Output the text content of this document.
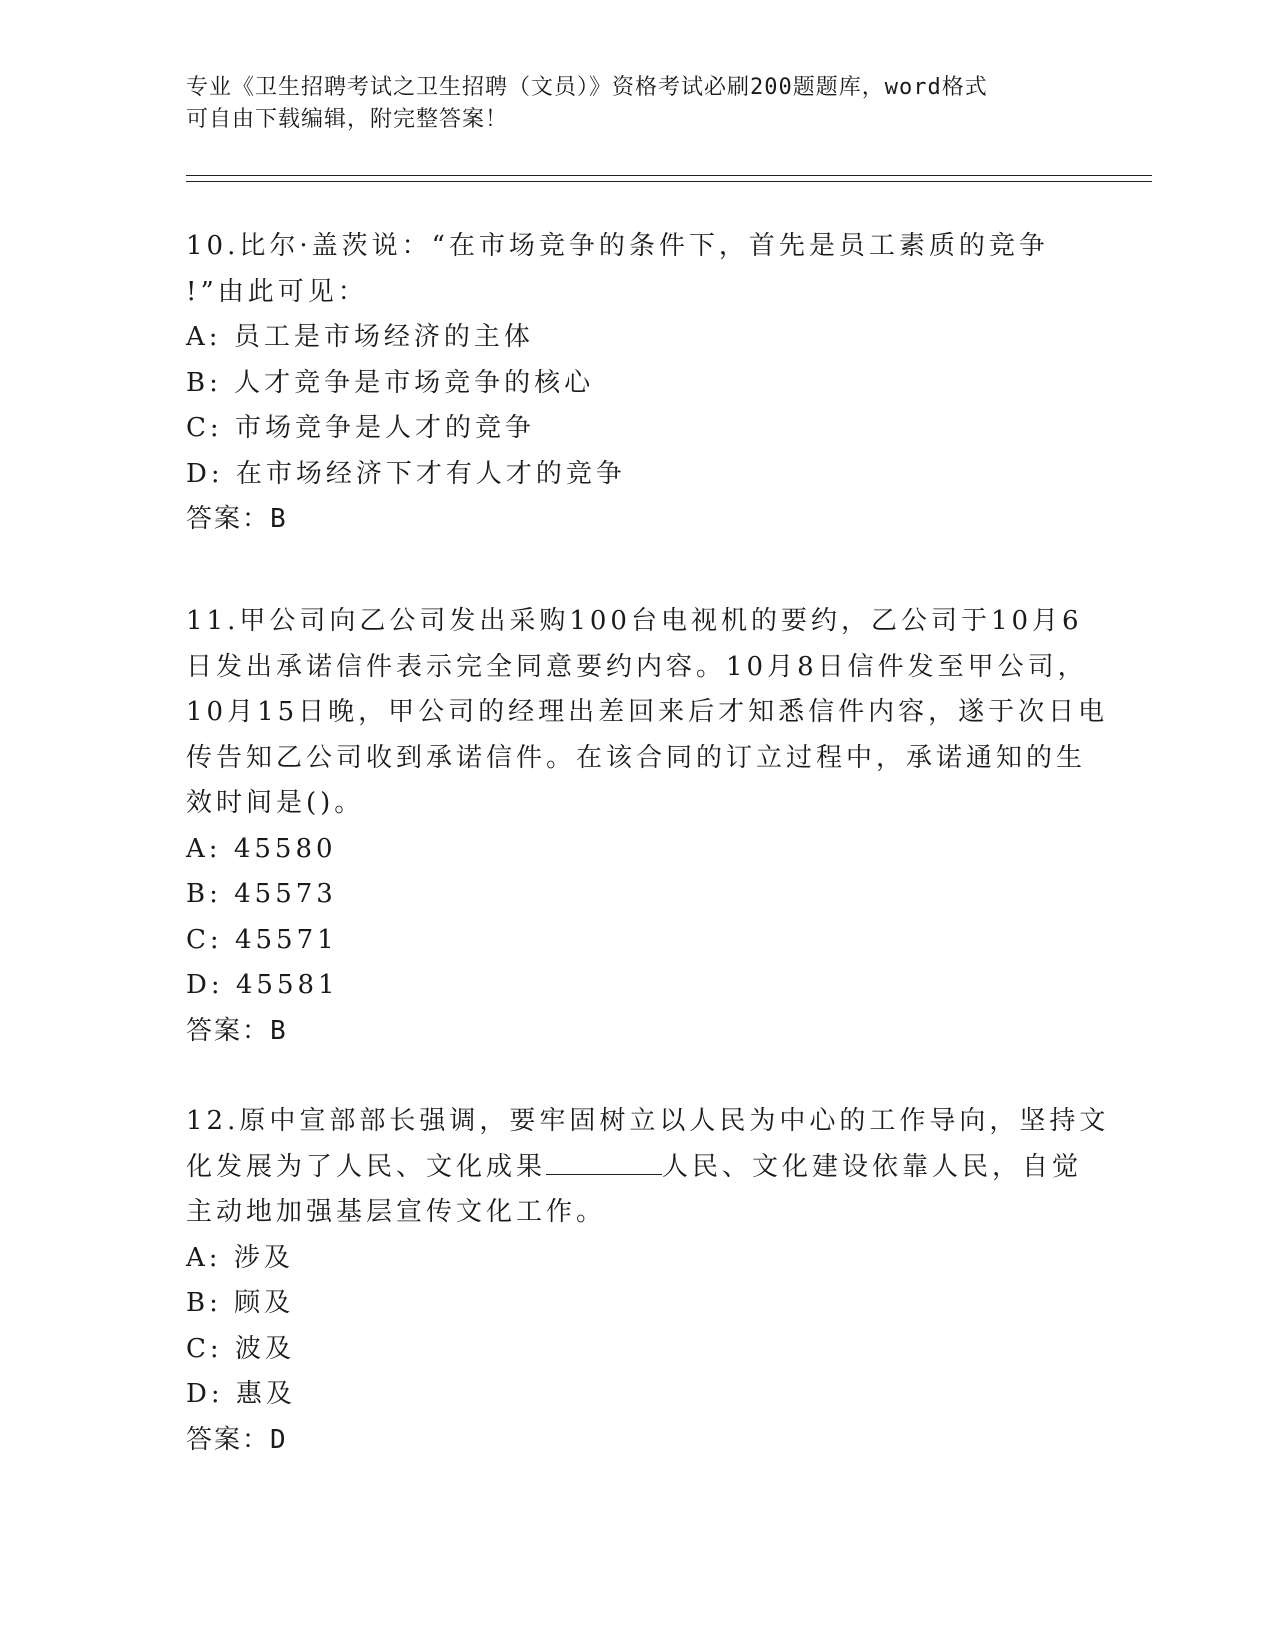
专业《卫生招聘考试之卫生招聘（文员）》资格考试必刷200题题库，word格式
可自由下载编辑，附完整答案！

10.比尔·盖茨说：“在市场竞争的条件下，首先是员工素质的竞争
!”由此可见：

A: 员工是市场经济的主体
B: 人才竞争是市场竞争的核心
C: 市场竞争是人才的竞争
D: 在市场经济下才有人才的竞争
答案：B

11.甲公司向乙公司发出采购100台电视机的要约，乙公司于10月6
日发出承诺信件表示完全同意要约内容。10月8日信件发至甲公司，
10月15日晚，甲公司的经理出差回来后才知悉信件内容，遂于次日电
传告知乙公司收到承诺信件。在该合同的订立过程中，承诺通知的生
效时间是()。

A: 45580
B: 45573
C: 45571
D: 45581
答案：B

12.原中宣部部长强调，要牢固树立以人民为中心的工作导向，坚持文
化发展为了人民、文化成果	人民、文化建设依靠人民，自觉
主动地加强基层宣传文化工作。

A: 涉及
B: 顾及
C: 波及
D: 惠及
答案：D
